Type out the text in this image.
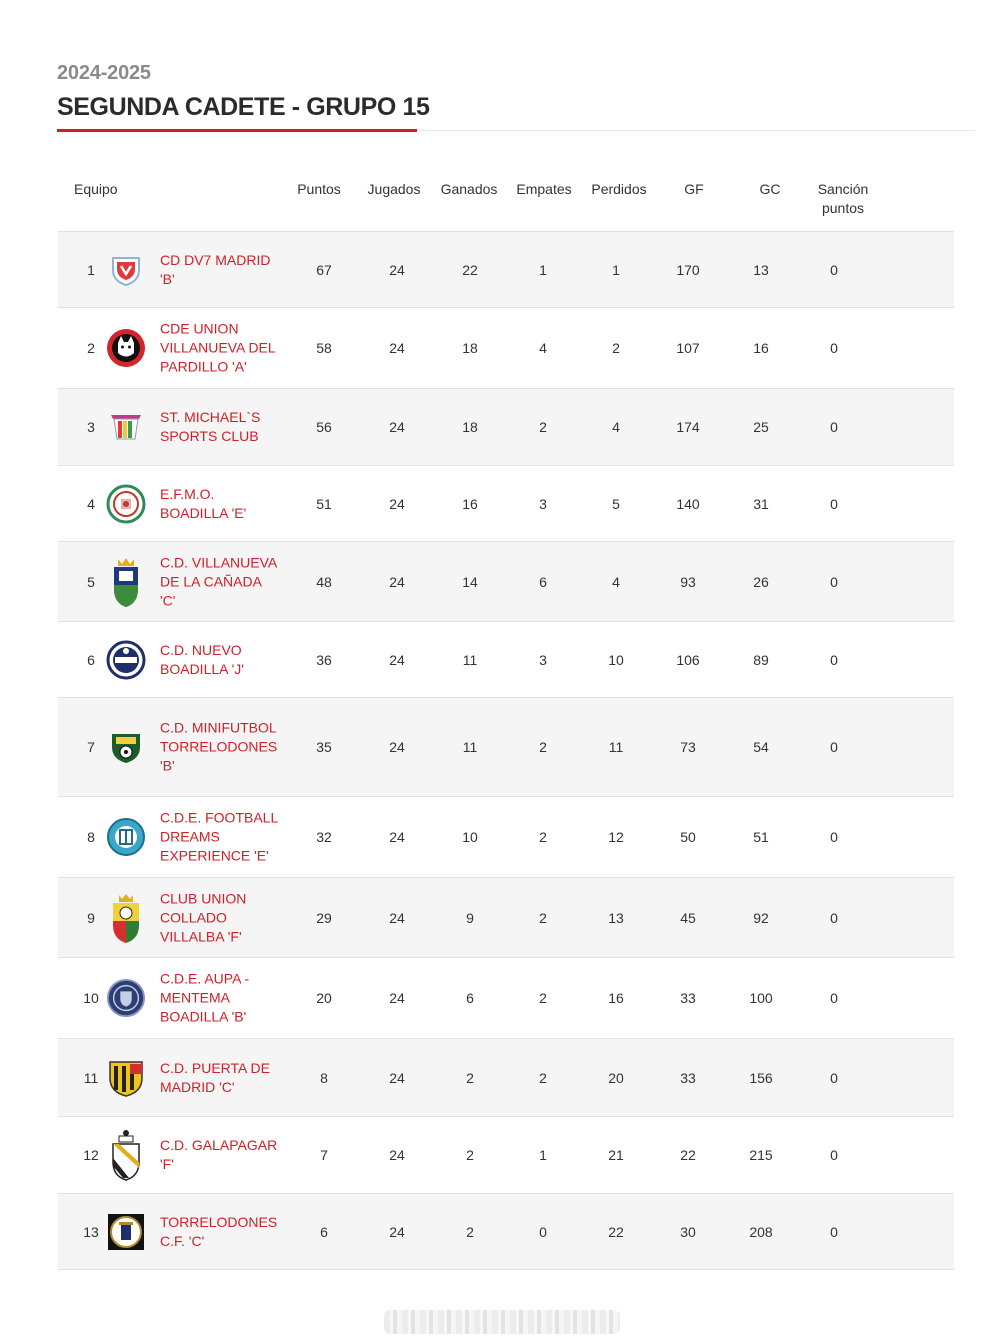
2024-2025
SEGUNDA CADETE - GRUPO 15
Equipo	Puntos	Jugados Ganados Empates	Perdidos	GF	GC	Sanción
puntos
1
CD DV7 MADRID 'B'
67	24	22	1	1	170	13	0
2
CDE UNION VILLANUEVA DEL PARDILLO 'A'
58	24	18	4	2	107	16	0
3
ST. MICHAEL`S SPORTS CLUB
56	24	18	2	4	174	25	0
4
E.F.M.O. BOADILLA 'E'
51	24	16	3	5	140	31	0
5
C.D. VILLANUEVA DE LA CAÑADA 'C'
48	24	14	6	4	93	26	0
6
C.D. NUEVO BOADILLA 'J'
36	24	11	3	10	106	89	0
7
C.D. MINIFUTBOL TORRELODONES 'B'
35	24	11	2	11	73	54	0
8
C.D.E. FOOTBALL DREAMS EXPERIENCE 'E'
32	24	10	2	12	50	51	0
9
CLUB UNION COLLADO VILLALBA 'F'
29	24	9	2	13	45	92	0
10
C.D.E. AUPA - MENTEMA BOADILLA 'B'
20	24	6	2	16	33	100	0
11
C.D. PUERTA DE MADRID 'C'
8	24	2	2	20	33	156	0
12
C.D. GALAPAGAR 'F'
7	24	2	1	21	22	215	0
13
TORRELODONES C.F. 'C'
6	24	2	0	22	30	208	0
